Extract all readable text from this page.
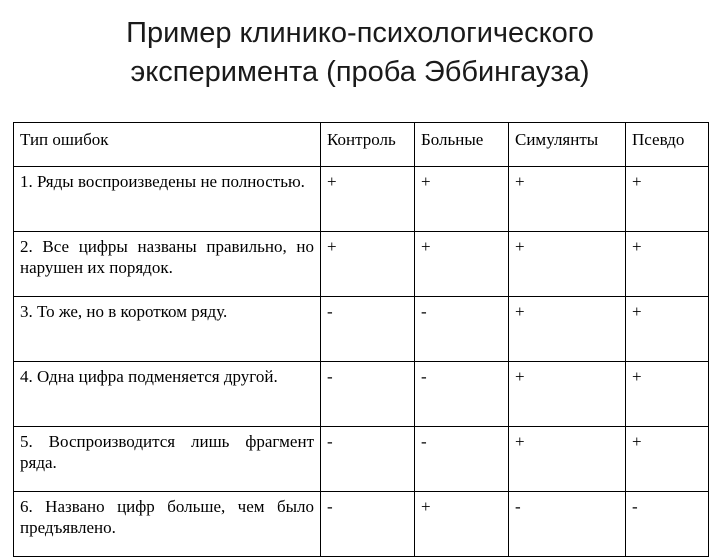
Пример клинико-психологического
эксперимента (проба Эббингауза)
Тип ошибок	Контроль	Больные	Симулянты	Псевдо
1. Ряды воспроизведены не полностью.	+	+	+	+
2. Все цифры названы правильно, но нарушен их порядок.	+	+	+	+
3. То же, но в коротком ряду.	-	-	+	+
4. Одна цифра подменяется другой.	-	-	+	+
5. Воспроизводится лишь фрагмент ряда.	-	-	+	+
6. Названо цифр больше, чем было предъявлено.	-	+	-	-
